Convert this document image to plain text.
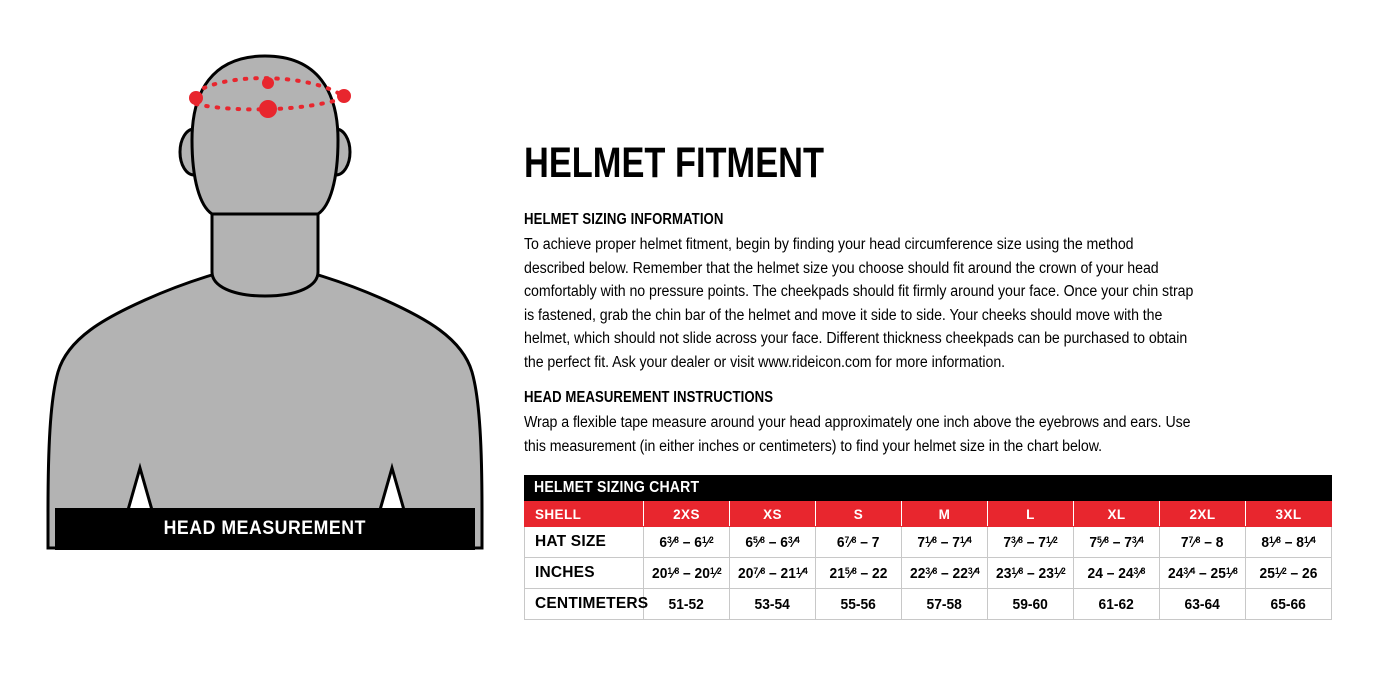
HEAD MEASUREMENT
HELMET FITMENT
HELMET SIZING INFORMATION

To achieve proper helmet fitment, begin by finding your head circumference size using the method described below. Remember that the helmet size you choose should fit around the crown of your head comfortably with no pressure points. The cheekpads should fit firmly around your face. Once your chin strap is fastened, grab the chin bar of the helmet and move it side to side. Your cheeks should move with the helmet, which should not slide across your face. Different thickness cheekpads can be purchased to obtain the perfect fit. Ask your dealer or visit www.rideicon.com for more information.

HEAD MEASUREMENT INSTRUCTIONS

Wrap a flexible tape measure around your head approximately one inch above the eyebrows and ears. Use this measurement (in either inches or centimeters) to find your helmet size in the chart below.

HELMET SIZING CHART
SHELL	2XS	XS	S	M	L	XL	2XL	3XL
HAT SIZE	$6^3⁄^8$ – $6^1⁄^2$	$6^5⁄^8$ – $6^3⁄^4$	$6^7⁄^8 - 7$	$7^1⁄^8$ – $7^1⁄^4$	$7^3⁄^8$ – $7^1⁄^2$	$7^5⁄^8$ – $7^3⁄^4$	$7^7⁄^8 - 8$	$8^1⁄^8$ – $8^1⁄^4$
INCHES	$20^1⁄^8$ – $20^1⁄^2$	$20^7⁄^8$ – $21^1⁄^4$	$21^5⁄^8 - 22$	$22^3⁄^8$ – $22^3⁄^4$	$23^1⁄^8$ – $23^1⁄^2$	$24 - 24^3⁄^8$	$24^3⁄^4$ – $25^1⁄^8$	$25^1⁄^2 - 26$
CENTIMETERS	51-52	53-54	55-56	57-58	59-60	61-62	63-64	65-66
